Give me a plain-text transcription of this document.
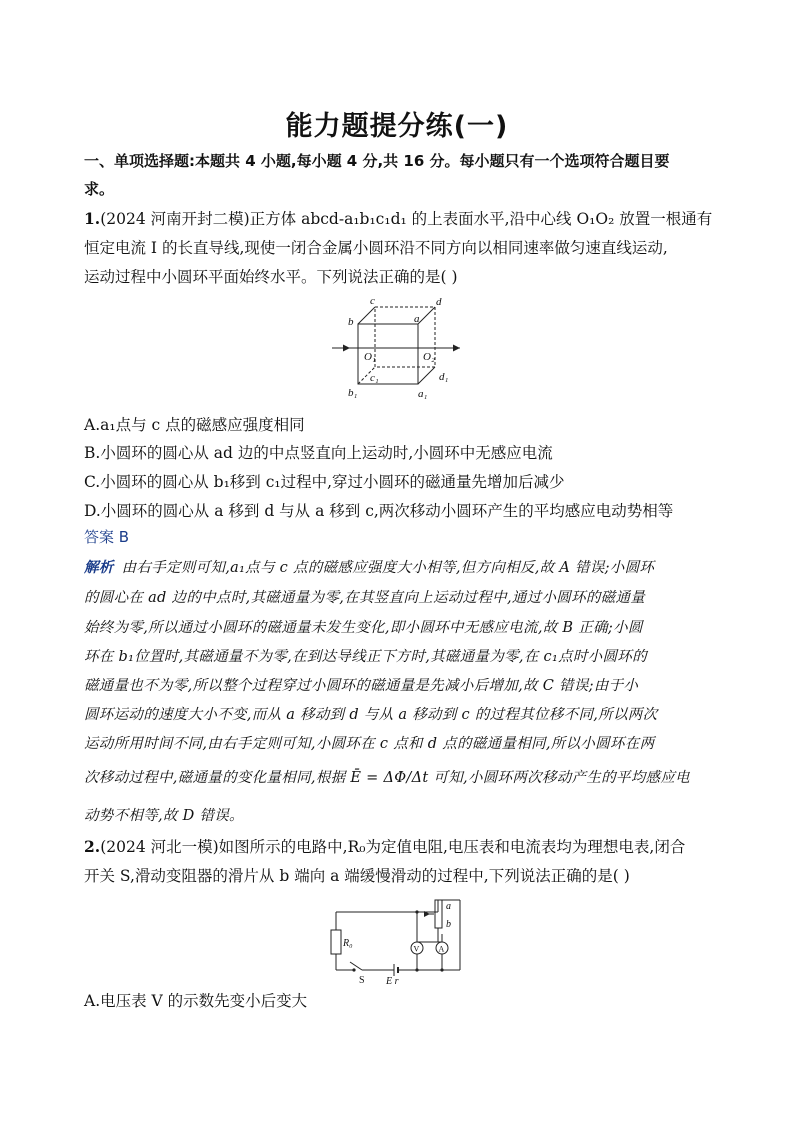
能力题提分练(一)
一、单项选择题:本题共 4 小题,每小题 4 分,共 16 分。每小题只有一个选项符合题目要
求。
1.(2024 河南开封二模)正方体 abcd-a₁b₁c₁d₁ 的上表面水平,沿中心线 O₁O₂ 放置一根通有
恒定电流 I 的长直导线,现使一闭合金属小圆环沿不同方向以相同速率做匀速直线运动,
运动过程中小圆环平面始终水平。下列说法正确的是( )
c	d
b	a
O₁	O₂
c₁	d₁
b₁	a₁
A.a₁点与 c 点的磁感应强度相同
B.小圆环的圆心从 ad 边的中点竖直向上运动时,小圆环中无感应电流
C.小圆环的圆心从 b₁移到 c₁过程中,穿过小圆环的磁通量先增加后减少
D.小圆环的圆心从 a 移到 d 与从 a 移到 c,两次移动小圆环产生的平均感应电动势相等
答案 B
解析 由右手定则可知,a₁点与 c 点的磁感应强度大小相等,但方向相反,故 A 错误;小圆环
的圆心在 ad 边的中点时,其磁通量为零,在其竖直向上运动过程中,通过小圆环的磁通量
始终为零,所以通过小圆环的磁通量未发生变化,即小圆环中无感应电流,故 B 正确;小圆
环在 b₁位置时,其磁通量不为零,在到达导线正下方时,其磁通量为零,在 c₁点时小圆环的
磁通量也不为零,所以整个过程穿过小圆环的磁通量是先减小后增加,故 C 错误;由于小
圆环运动的速度大小不变,而从 a 移动到 d 与从 a 移动到 c 的过程其位移不同,所以两次
运动所用时间不同,由右手定则可知,小圆环在 c 点和 d 点的磁通量相同,所以小圆环在两
次移动过程中,磁通量的变化量相同,根据 Ē = ΔΦ/Δt 可知,小圆环两次移动产生的平均感应电
动势不相等,故 D 错误。
2.(2024 河北一模)如图所示的电路中,R₀为定值电阻,电压表和电流表均为理想电表,闭合
开关 S,滑动变阻器的滑片从 b 端向 a 端缓慢滑动的过程中,下列说法正确的是( )
R₀	V A
a
b
S E r
A.电压表 V 的示数先变小后变大
